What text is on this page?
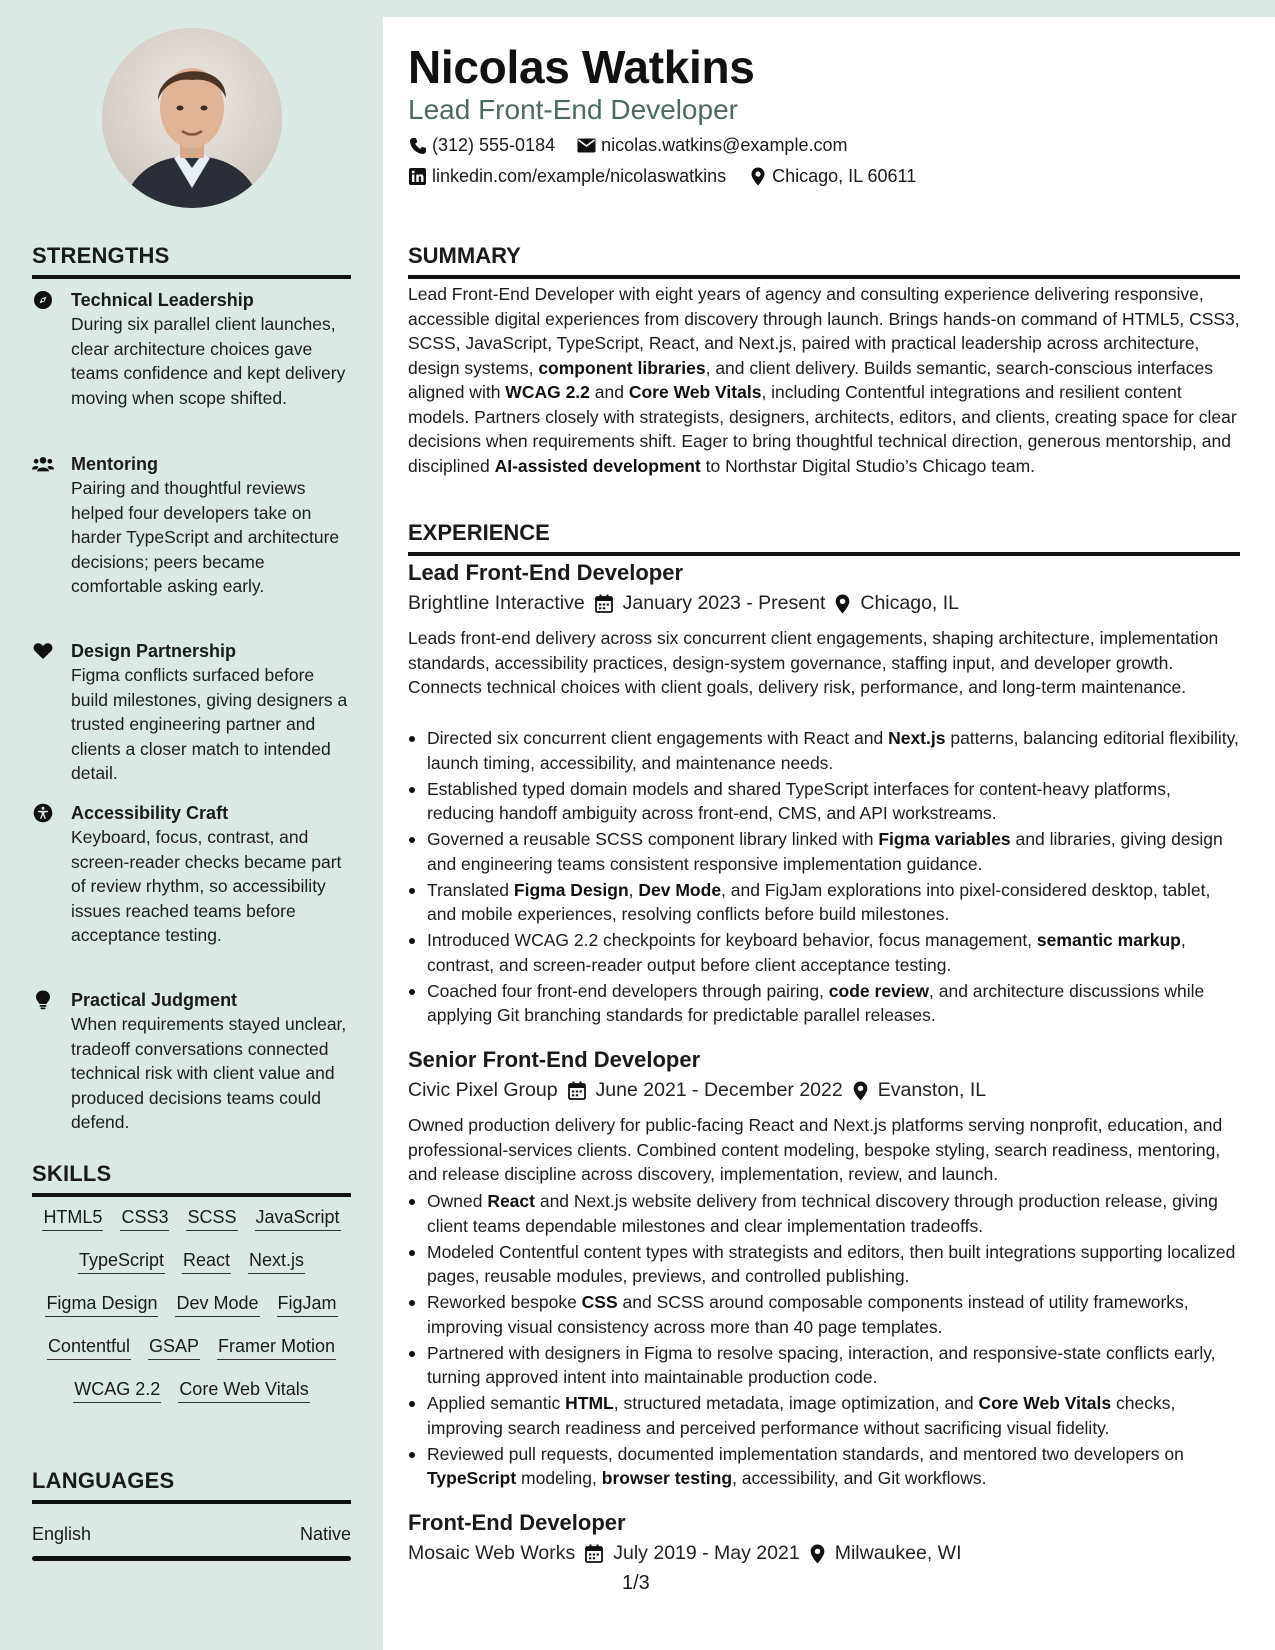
STRENGTHS
Technical Leadership
During six parallel client launches, clear architecture choices gave teams confidence and kept delivery moving when scope shifted.
Mentoring
Pairing and thoughtful reviews helped four developers take on harder TypeScript and architecture decisions; peers became comfortable asking early.
Design Partnership
Figma conflicts surfaced before build milestones, giving designers a trusted engineering partner and clients a closer match to intended detail.
Accessibility Craft
Keyboard, focus, contrast, and screen-reader checks became part of review rhythm, so accessibility issues reached teams before acceptance testing.
Practical Judgment
When requirements stayed unclear, tradeoff conversations connected technical risk with client value and produced decisions teams could defend.
SKILLS
HTML5 CSS3 SCSS JavaScript
TypeScript React Next.js
Figma Design Dev Mode FigJam
Contentful GSAP Framer Motion
WCAG 2.2 Core Web Vitals
LANGUAGES
English	Native
Nicolas Watkins
Lead Front-End Developer
(312) 555-0184	nicolas.watkins@example.com
linkedin.com/example/nicolaswatkins	Chicago, IL 60611
SUMMARY
Lead Front-End Developer with eight years of agency and consulting experience delivering responsive, accessible digital experiences from discovery through launch. Brings hands-on command of HTML5, CSS3, SCSS, JavaScript, TypeScript, React, and Next.js, paired with practical leadership across architecture, design systems, component libraries, and client delivery. Builds semantic, search-conscious interfaces aligned with WCAG 2.2 and Core Web Vitals, including Contentful integrations and resilient content models. Partners closely with strategists, designers, architects, editors, and clients, creating space for clear decisions when requirements shift. Eager to bring thoughtful technical direction, generous mentorship, and disciplined AI-assisted development to Northstar Digital Studio’s Chicago team.
EXPERIENCE
Lead Front-End Developer
Brightline Interactive January 2023 - Present Chicago, IL
Leads front-end delivery across six concurrent client engagements, shaping architecture, implementation standards, accessibility practices, design-system governance, staffing input, and developer growth. Connects technical choices with client goals, delivery risk, performance, and long-term maintenance.
Directed six concurrent client engagements with React and Next.js patterns, balancing editorial flexibility, launch timing, accessibility, and maintenance needs.
Established typed domain models and shared TypeScript interfaces for content-heavy platforms, reducing handoff ambiguity across front-end, CMS, and API workstreams.
Governed a reusable SCSS component library linked with Figma variables and libraries, giving design and engineering teams consistent responsive implementation guidance.
Translated Figma Design, Dev Mode, and FigJam explorations into pixel-considered desktop, tablet, and mobile experiences, resolving conflicts before build milestones.
Introduced WCAG 2.2 checkpoints for keyboard behavior, focus management, semantic markup, contrast, and screen-reader output before client acceptance testing.
Coached four front-end developers through pairing, code review, and architecture discussions while applying Git branching standards for predictable parallel releases.
Senior Front-End Developer
Civic Pixel Group June 2021 - December 2022 Evanston, IL
Owned production delivery for public-facing React and Next.js platforms serving nonprofit, education, and professional-services clients. Combined content modeling, bespoke styling, search readiness, mentoring, and release discipline across discovery, implementation, review, and launch.
Owned React and Next.js website delivery from technical discovery through production release, giving client teams dependable milestones and clear implementation tradeoffs.
Modeled Contentful content types with strategists and editors, then built integrations supporting localized pages, reusable modules, previews, and controlled publishing.
Reworked bespoke CSS and SCSS around composable components instead of utility frameworks, improving visual consistency across more than 40 page templates.
Partnered with designers in Figma to resolve spacing, interaction, and responsive-state conflicts early, turning approved intent into maintainable production code.
Applied semantic HTML, structured metadata, image optimization, and Core Web Vitals checks, improving search readiness and perceived performance without sacrificing visual fidelity.
Reviewed pull requests, documented implementation standards, and mentored two developers on TypeScript modeling, browser testing, accessibility, and Git workflows.
Front-End Developer
Mosaic Web Works July 2019 - May 2021 Milwaukee, WI
1/3
